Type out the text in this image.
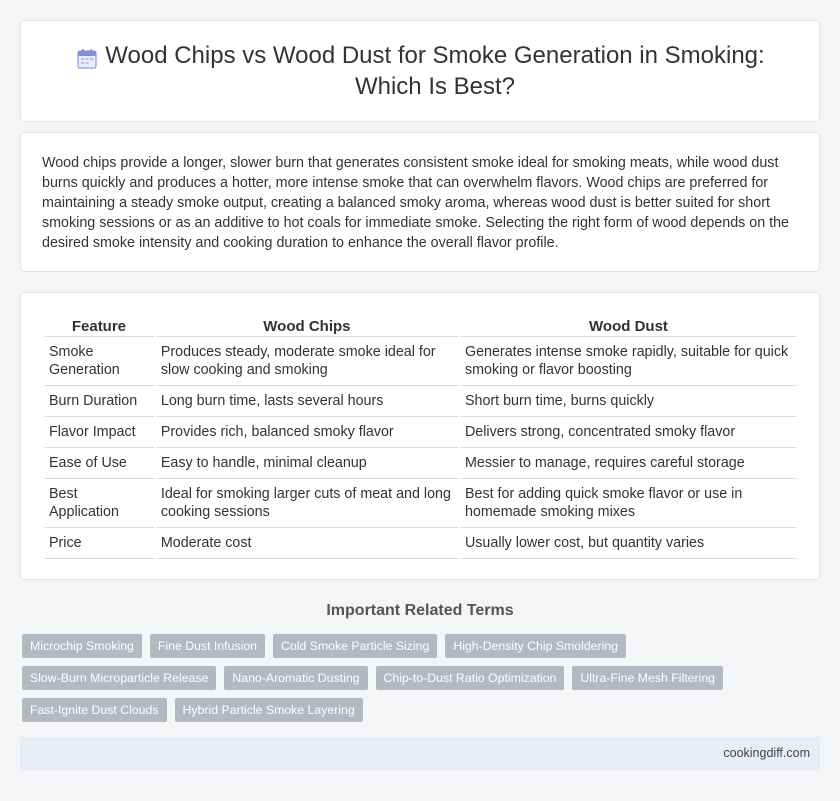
Wood Chips vs Wood Dust for Smoke Generation in Smoking: Which Is Best?

Wood chips provide a longer, slower burn that generates consistent smoke ideal for smoking meats, while wood dust burns quickly and produces a hotter, more intense smoke that can overwhelm flavors. Wood chips are preferred for maintaining a steady smoke output, creating a balanced smoky aroma, whereas wood dust is better suited for short smoking sessions or as an additive to hot coals for immediate smoke. Selecting the right form of wood depends on the desired smoke intensity and cooking duration to enhance the overall flavor profile.

Feature	Wood Chips	Wood Dust
Smoke Generation	Produces steady, moderate smoke ideal for slow cooking and smoking	Generates intense smoke rapidly, suitable for quick smoking or flavor boosting
Burn Duration	Long burn time, lasts several hours	Short burn time, burns quickly
Flavor Impact	Provides rich, balanced smoky flavor	Delivers strong, concentrated smoky flavor
Ease of Use	Easy to handle, minimal cleanup	Messier to manage, requires careful storage
Best Application	Ideal for smoking larger cuts of meat and long cooking sessions	Best for adding quick smoke flavor or use in homemade smoking mixes
Price	Moderate cost	Usually lower cost, but quantity varies
Important Related Terms
Microchip Smoking	Fine Dust Infusion	Cold Smoke Particle Sizing	High-Density Chip Smoldering
Slow-Burn Microparticle Release	Nano-Aromatic Dusting	Chip-to-Dust Ratio Optimization	Ultra-Fine Mesh Filtering
Fast-Ignite Dust Clouds	Hybrid Particle Smoke Layering
cookingdiff.com
